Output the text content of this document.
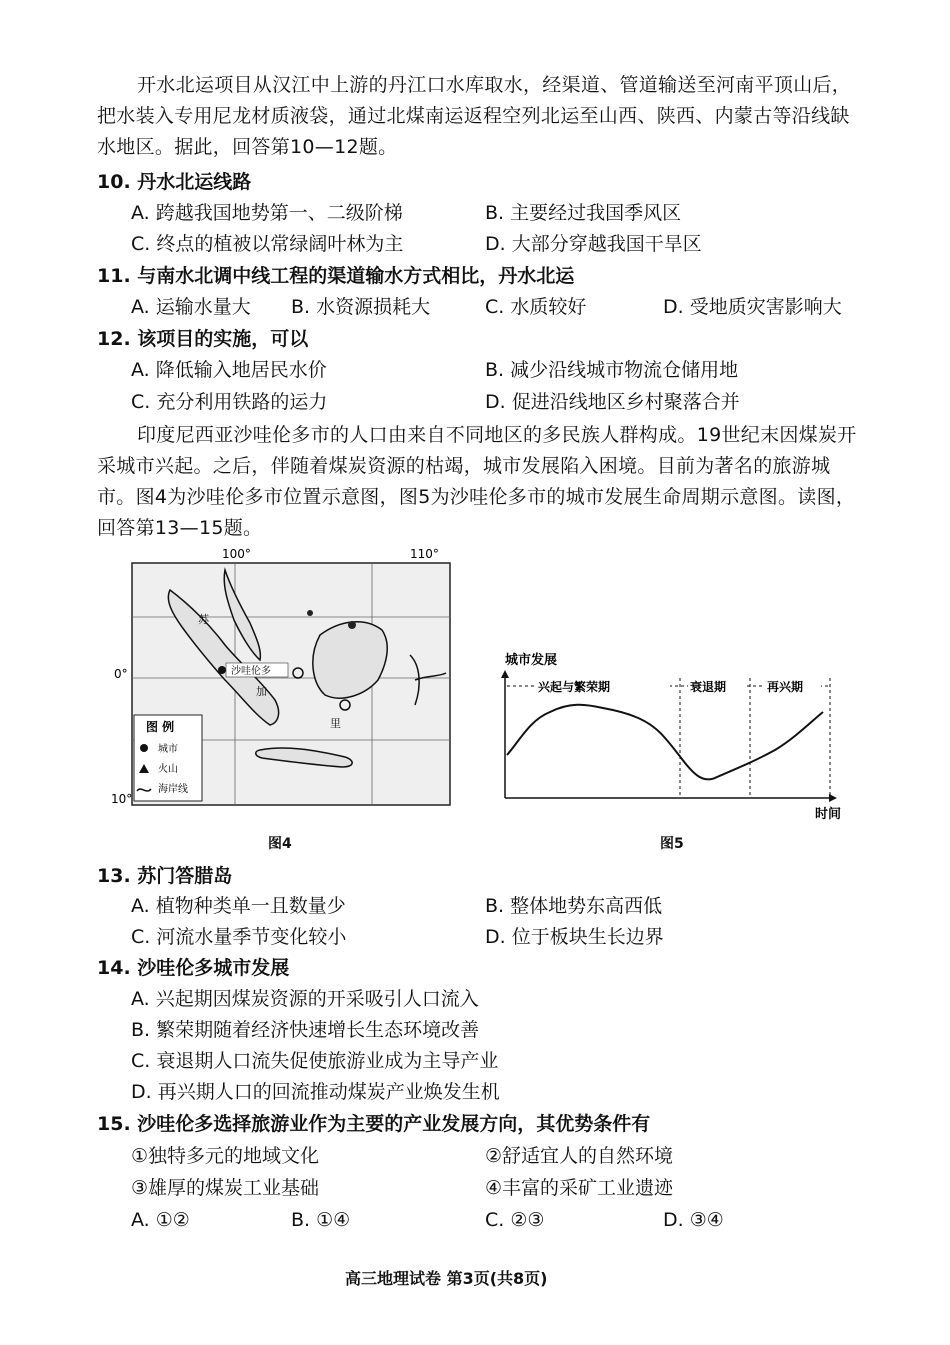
开水北运项目从汉江中上游的丹江口水库取水，经渠道、管道输送至河南平顶山后，把水装入专用尼龙材质液袋，通过北煤南运返程空列北运至山西、陕西、内蒙古等沿线缺水地区。据此，回答第10—12题。
10. 丹水北运线路
A. 跨越我国地势第一、二级阶梯	B. 主要经过我国季风区
C. 终点的植被以常绿阔叶林为主	D. 大部分穿越我国干旱区
11. 与南水北调中线工程的渠道输水方式相比，丹水北运
A. 运输水量大 B. 水资源损耗大	C. 水质较好	D. 受地质灾害影响大
12. 该项目的实施，可以
A. 降低输入地居民水价	B. 减少沿线城市物流仓储用地
C. 充分利用铁路的运力	D. 促进沿线地区乡村聚落合并
印度尼西亚沙哇伦多市的人口由来自不同地区的多民族人群构成。19世纪末因煤炭开采城市兴起。之后，伴随着煤炭资源的枯竭，城市发展陷入困境。目前为著名的旅游城市。图4为沙哇伦多市位置示意图，图5为沙哇伦多市的城市发展生命周期示意图。读图，回答第13—15题。
100°	110°
0°
10°
苏
沙哇伦多
加
里
图 例
城市
火山
海岸线
图4
城市发展
时间
兴起与繁荣期	衰退期	再兴期
图5
13. 苏门答腊岛
A. 植物种类单一且数量少	B. 整体地势东高西低
C. 河流水量季节变化较小	D. 位于板块生长边界
14. 沙哇伦多城市发展
A. 兴起期因煤炭资源的开采吸引人口流入
B. 繁荣期随着经济快速增长生态环境改善
C. 衰退期人口流失促使旅游业成为主导产业
D. 再兴期人口的回流推动煤炭产业焕发生机
15. 沙哇伦多选择旅游业作为主要的产业发展方向，其优势条件有
①独特多元的地域文化	②舒适宜人的自然环境
③雄厚的煤炭工业基础	④丰富的采矿工业遗迹
A. ①②	B. ①④	C. ②③	D. ③④
高三地理试卷 第3页(共8页)
